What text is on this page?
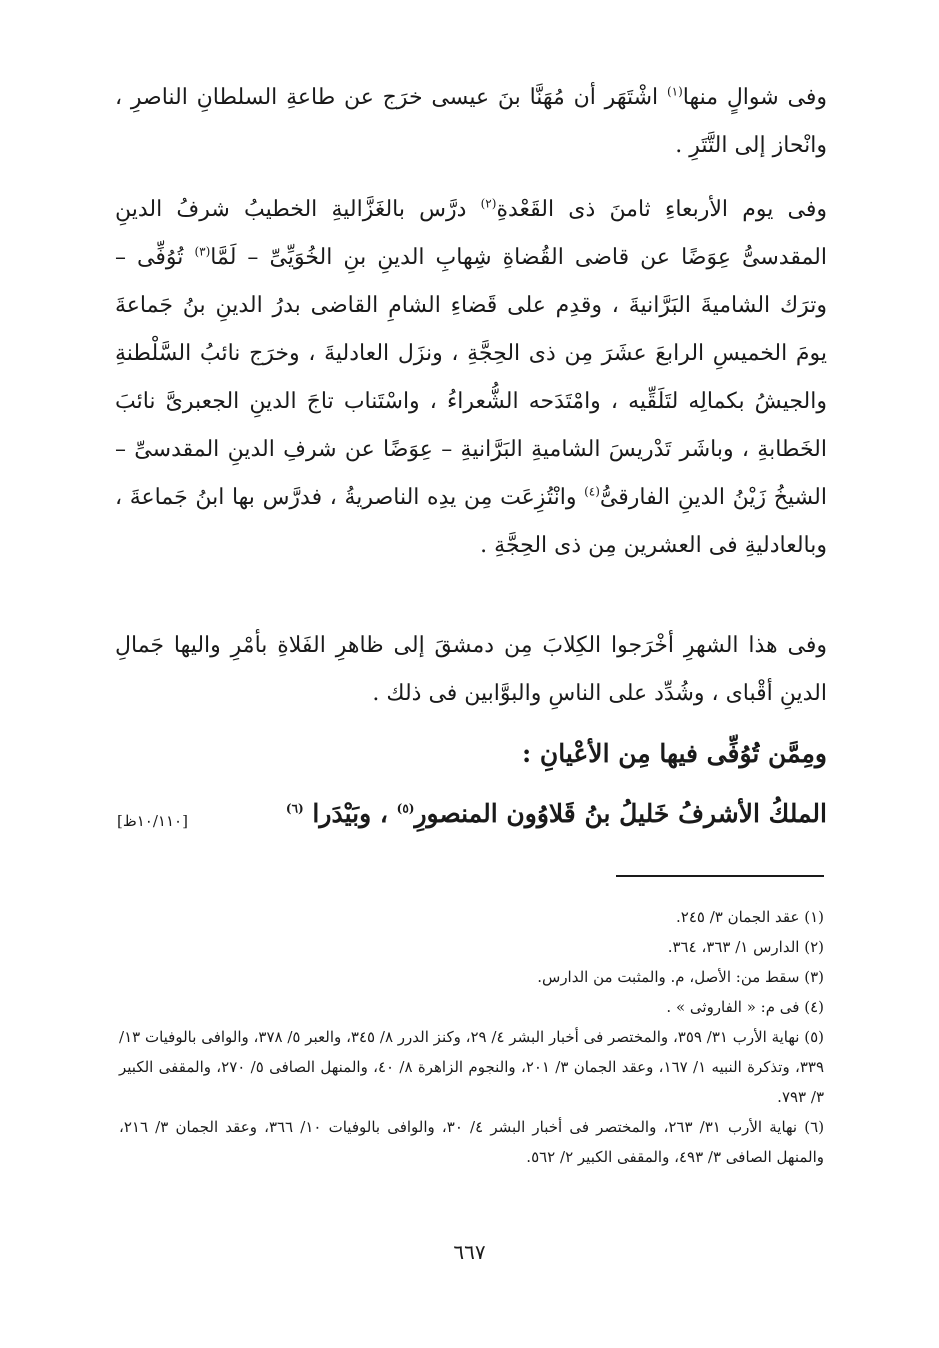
وفى شوالٍ منها$^{(١)}$ اشْتَهَر أن مُهَنَّا بنَ عيسى خرَج عن طاعةِ السلطانِ الناصرِ ، وانْحاز إلى التَّتَرِ .

وفى يوم الأربعاءِ ثامنَ ذى القَعْدةِ$^{(٢)}$ درَّس بالغَزَّاليةِ الخطيبُ شرفُ الدينِ المقدسىُّ عِوَضًا عن قاضى القُضاةِ شِهابِ الدينِ بنِ الخُوَيِّىِّ – لَمَّا$^{(٣)}$ تُوُفِّى – وترَك الشاميةَ البَرَّانيةَ ، وقدِم على قَضاءِ الشامِ القاضى بدرُ الدينِ بنُ جَماعةَ يومَ الخميسِ الرابعَ عشَرَ مِن ذى الحِجَّةِ ، ونزَل العادليةَ ، وخرَج نائبُ السَّلْطنةِ والجيشُ بكمالِه لتَلَقِّيه ، وامْتَدَحه الشُّعراءُ ، واسْتَناب تاجَ الدينِ الجعبرىَّ نائبَ الخَطابةِ ، وباشَر تَدْريسَ الشاميةِ البَرَّانيةِ – عِوَضًا عن شرفِ الدينِ المقدسىِّ – الشيخُ زَيْنُ الدينِ الفارقىُّ$^{(٤)}$ وانْتُزِعَت مِن يدِه الناصريةُ ، فدرَّس بها ابنُ جَماعةَ ، وبالعادليةِ فى العشرين مِن ذى الحِجَّةِ .

وفى هذا الشهرِ أخْرَجوا الكِلابَ مِن دمشقَ إلى ظاهرِ الفَلاةِ بأمْرِ واليها جَمالِ الدينِ أقْباى ، وشُدِّد على الناسِ والبوَّابين فى ذلك .

ومِمَّن تُوُفِّى فيها مِن الأعْيانِ :
الملكُ الأشرفُ خَليلُ بنُ قَلاوُون المنصورِ$^{(٥)}$ ، وبَيْدَرا $^{(٦)}$
[١٠/١١٠ظ]

(١) عقد الجمان ٣/ ٢٤٥.

(٢) الدارس ١/ ٣٦٣، ٣٦٤.

(٣) سقط من: الأصل، م. والمثبت من الدارس.

(٤) فى م: « الفاروثى » .

(٥) نهاية الأرب ٣١/ ٣٥٩، والمختصر فى أخبار البشر ٤/ ٢٩، وكنز الدرر ٨/ ٣٤٥، والعبر ٥/ ٣٧٨، والوافى بالوفيات ١٣/ ٣٣٩، وتذكرة النبيه ١/ ١٦٧، وعقد الجمان ٣/ ٢٠١، والنجوم الزاهرة ٨/ ٤٠، والمنهل الصافى ٥/ ٢٧٠، والمقفى الكبير ٣/ ٧٩٣.

(٦) نهاية الأرب ٣١/ ٢٦٣، والمختصر فى أخبار البشر ٤/ ٣٠، والوافى بالوفيات ١٠/ ٣٦٦، وعقد الجمان ٣/ ٢١٦، والمنهل الصافى ٣/ ٤٩٣، والمقفى الكبير ٢/ ٥٦٢.

٦٦٧
